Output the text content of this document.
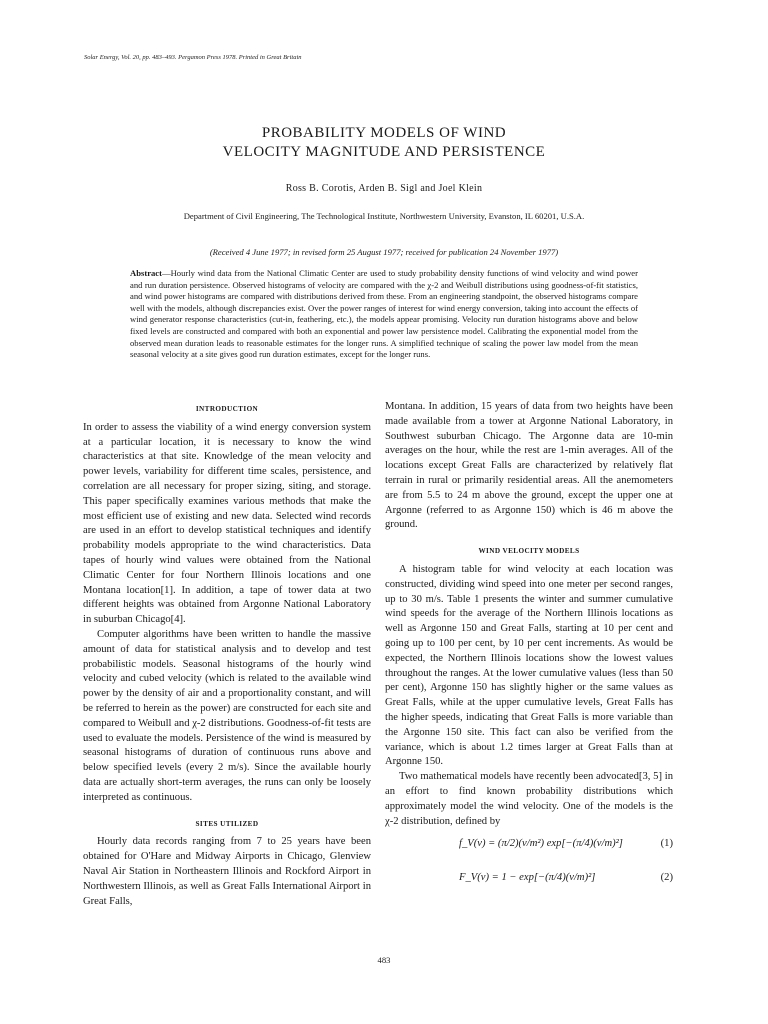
Solar Energy, Vol. 20, pp. 483–493. Pergamon Press 1978. Printed in Great Britain
PROBABILITY MODELS OF WIND
VELOCITY MAGNITUDE AND PERSISTENCE
Ross B. Corotis, Arden B. Sigl and Joel Klein
Department of Civil Engineering, The Technological Institute, Northwestern University, Evanston, IL 60201, U.S.A.
(Received 4 June 1977; in revised form 25 August 1977; received for publication 24 November 1977)
Abstract—Hourly wind data from the National Climatic Center are used to study probability density functions of wind velocity and wind power and run duration persistence. Observed histograms of velocity are compared with the χ-2 and Weibull distributions using goodness-of-fit statistics, and wind power histograms are compared with distributions derived from these. From an engineering standpoint, the observed histograms compare well with the models, although discrepancies exist. Over the power ranges of interest for wind energy conversion, taking into account the effects of wind generator response characteristics (cut-in, feathering, etc.), the models appear promising. Velocity run duration histograms above and below fixed levels are constructed and compared with both an exponential and power law persistence model. Calibrating the exponential model from the observed mean duration leads to reasonable estimates for the longer runs. A simplified technique of scaling the power law model from the mean seasonal velocity at a site gives good run duration estimates, except for the longer runs.
INTRODUCTION

In order to assess the viability of a wind energy conversion system at a particular location, it is necessary to know the wind characteristics at that site. Knowledge of the mean velocity and power levels, variability for different time scales, persistence, and correlation are all necessary for proper sizing, siting, and storage. This paper specifically examines various methods that make the most efficient use of existing and new data. Selected wind records are used in an effort to develop statistical techniques and identify probability models appropriate to the wind characteristics. Data tapes of hourly wind values were obtained from the National Climatic Center for four Northern Illinois locations and one Montana location[1]. In addition, a tape of tower data at two different heights was obtained from Argonne National Laboratory in suburban Chicago[4].

Computer algorithms have been written to handle the massive amount of data for statistical analysis and to develop and test probabilistic models. Seasonal histograms of the hourly wind velocity and cubed velocity (which is related to the available wind power by the density of air and a proportionality constant, and will be referred to herein as the power) are constructed for each site and compared to Weibull and χ-2 distributions. Goodness-of-fit tests are used to evaluate the models. Persistence of the wind is measured by seasonal histograms of duration of continuous runs above and below specified levels (every 2 m/s). Since the available hourly data are actually short-term averages, the runs can only be loosely interpreted as continuous.

SITES UTILIZED

Hourly data records ranging from 7 to 25 years have been obtained for O'Hare and Midway Airports in Chicago, Glenview Naval Air Station in Northeastern Illinois and Rockford Airport in Northwestern Illinois, as well as Great Falls International Airport in Great Falls,

Montana. In addition, 15 years of data from two heights have been made available from a tower at Argonne National Laboratory, in Southwest suburban Chicago. The Argonne data are 10-min averages on the hour, while the rest are 1-min averages. All of the locations except Great Falls are characterized by relatively flat terrain in rural or primarily residential areas. All the anemometers are from 5.5 to 24 m above the ground, except the upper one at Argonne (referred to as Argonne 150) which is 46 m above the ground.

WIND VELOCITY MODELS

A histogram table for wind velocity at each location was constructed, dividing wind speed into one meter per second ranges, up to 30 m/s. Table 1 presents the winter and summer cumulative wind speeds for the average of the Northern Illinois locations as well as Argonne 150 and Great Falls, starting at 10 per cent and going up to 100 per cent, by 10 per cent increments. As would be expected, the Northern Illinois locations show the lowest values throughout the ranges. At the lower cumulative values (less than 50 per cent), Argonne 150 has slightly higher or the same values as Great Falls, while at the upper cumulative levels, Great Falls has the higher speeds, indicating that Great Falls is more variable than the Argonne 150 site. This fact can also be verified from the variance, which is about 1.2 times larger at Great Falls than at Argonne 150.

Two mathematical models have recently been advocated[3, 5] in an effort to find known probability distributions which approximately model the wind velocity. One of the models is the χ-2 distribution, defined by

f_V(v) = (π/2)(v/m²) exp[−(π/4)(v/m)²]	(1)
F_V(v) = 1 − exp[−(π/4)(v/m)²]	(2)
483
